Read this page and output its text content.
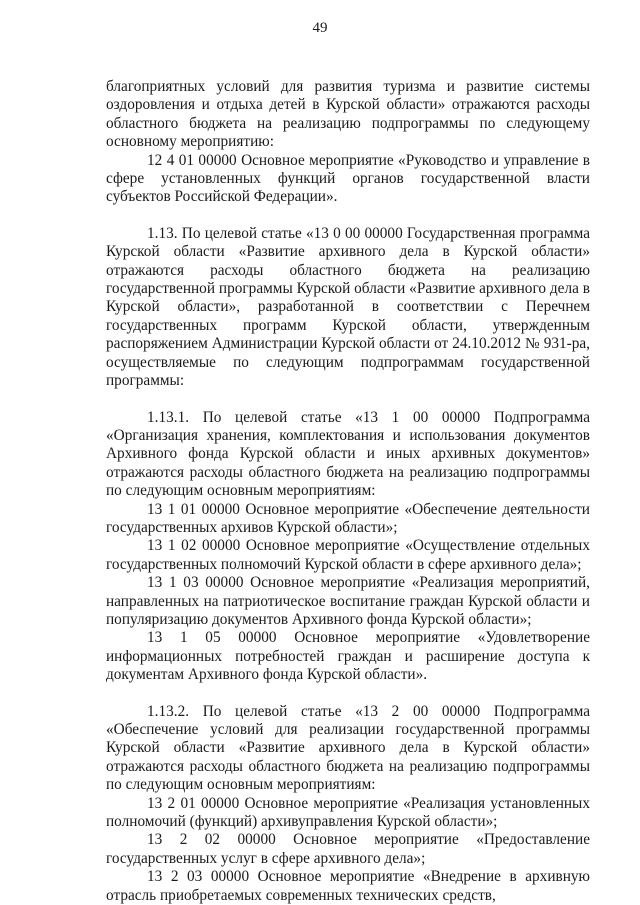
49

благоприятных условий для развития туризма и развитие системы оздоровления и отдыха детей в Курской области» отражаются расходы областного бюджета на реализацию подпрограммы по следующему основному мероприятию:

12 4 01 00000 Основное мероприятие «Руководство и управление в сфере установленных функций органов государственной власти субъектов Российской Федерации».

1.13. По целевой статье «13 0 00 00000 Государственная программа Курской области «Развитие архивного дела в Курской области» отражаются расходы областного бюджета на реализацию государственной программы Курской области «Развитие архивного дела в Курской области», разработанной в соответствии с Перечнем государственных программ Курской области, утвержденным распоряжением Администрации Курской области от 24.10.2012 № 931-ра, осуществляемые по следующим подпрограммам государственной программы:

1.13.1. По целевой статье «13 1 00 00000 Подпрограмма «Организация хранения, комплектования и использования документов Архивного фонда Курской области и иных архивных документов» отражаются расходы областного бюджета на реализацию подпрограммы по следующим основным мероприятиям:

13 1 01 00000 Основное мероприятие «Обеспечение деятельности государственных архивов Курской области»;

13 1 02 00000 Основное мероприятие «Осуществление отдельных государственных полномочий Курской области в сфере архивного дела»;

13 1 03 00000 Основное мероприятие «Реализация мероприятий, направленных на патриотическое воспитание граждан Курской области и популяризацию документов Архивного фонда Курской области»;

13 1 05 00000 Основное мероприятие «Удовлетворение информационных потребностей граждан и расширение доступа к документам Архивного фонда Курской области».

1.13.2. По целевой статье «13 2 00 00000 Подпрограмма «Обеспечение условий для реализации государственной программы Курской области «Развитие архивного дела в Курской области» отражаются расходы областного бюджета на реализацию подпрограммы по следующим основным мероприятиям:

13 2 01 00000 Основное мероприятие «Реализация установленных полномочий (функций) архивуправления Курской области»;

13 2 02 00000 Основное мероприятие «Предоставление государственных услуг в сфере архивного дела»;

13 2 03 00000 Основное мероприятие «Внедрение в архивную отрасль приобретаемых современных технических средств,
